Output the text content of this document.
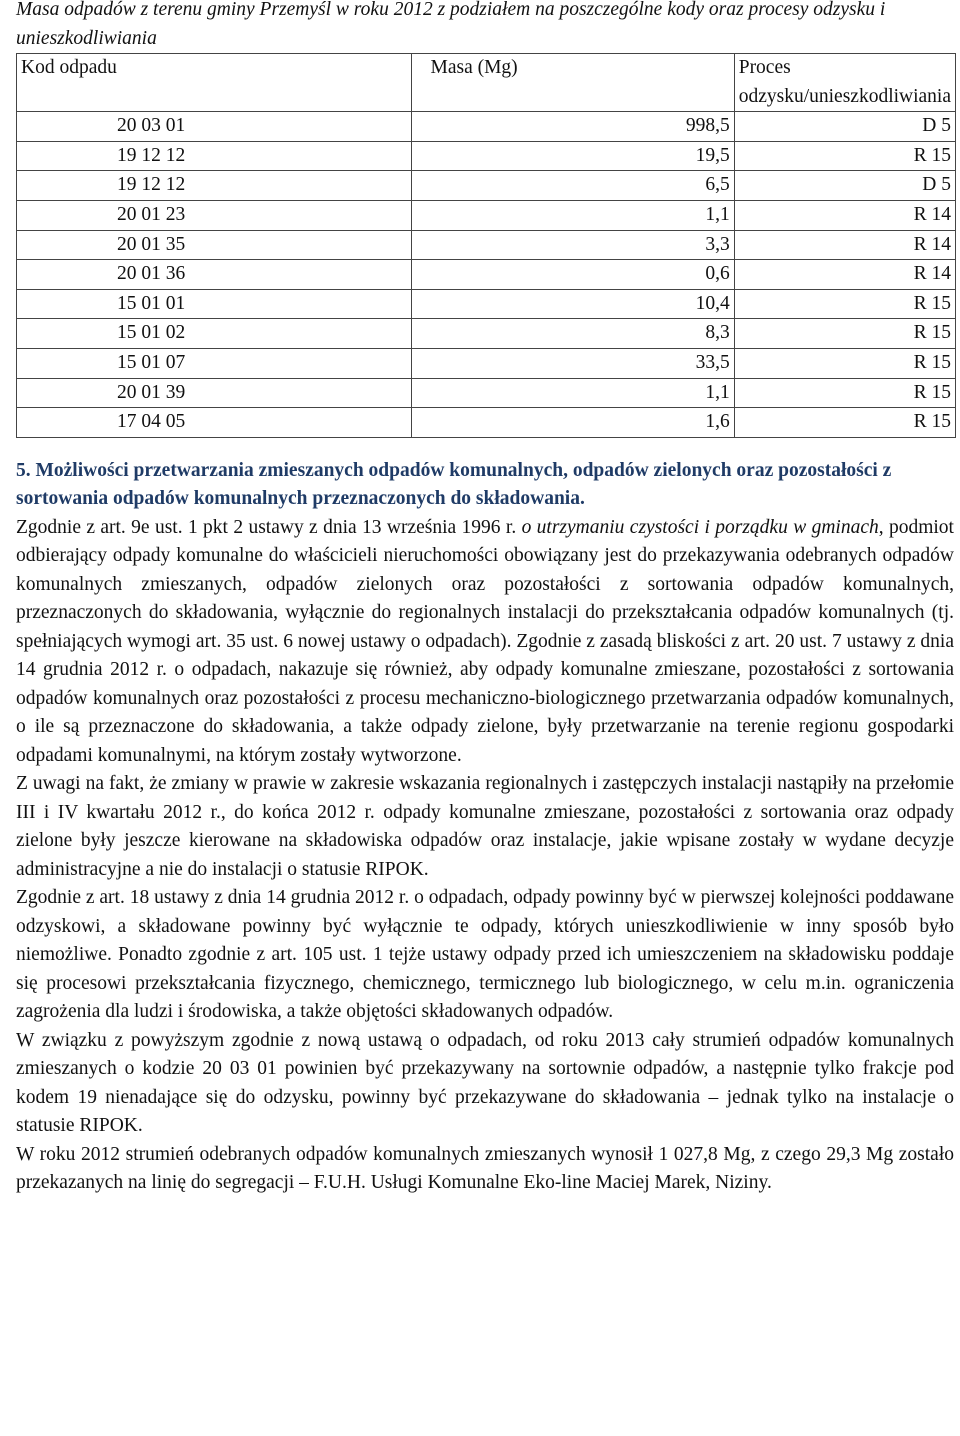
Masa odpadów z terenu gminy Przemyśl w roku 2012 z podziałem na poszczególne kody oraz procesy odzysku i unieszkodliwiania
Kod odpadu	Masa (Mg)	Proces odzysku/unieszkodliwiania
20 03 01	998,5	D 5
19 12 12	19,5	R 15
19 12 12	6,5	D 5
20 01 23	1,1	R 14
20 01 35	3,3	R 14
20 01 36	0,6	R 14
15 01 01	10,4	R 15
15 01 02	8,3	R 15
15 01 07	33,5	R 15
20 01 39	1,1	R 15
17 04 05	1,6	R 15
5. Możliwości przetwarzania zmieszanych odpadów komunalnych, odpadów zielonych oraz pozostałości z sortowania odpadów komunalnych przeznaczonych do składowania.

Zgodnie z art. 9e ust. 1 pkt 2 ustawy z dnia 13 września 1996 r. o utrzymaniu czystości i porządku w gminach, podmiot odbierający odpady komunalne do właścicieli nieruchomości obowiązany jest do przekazywania odebranych odpadów komunalnych zmieszanych, odpadów zielonych oraz pozostałości z sortowania odpadów komunalnych, przeznaczonych do składowania, wyłącznie do regionalnych instalacji do przekształcania odpadów komunalnych (tj. spełniających wymogi art. 35 ust. 6 nowej ustawy o odpadach). Zgodnie z zasadą bliskości z art. 20 ust. 7 ustawy z dnia 14 grudnia 2012 r. o odpadach, nakazuje się również, aby odpady komunalne zmieszane, pozostałości z sortowania odpadów komunalnych oraz pozostałości z procesu mechaniczno-biologicznego przetwarzania odpadów komunalnych, o ile są przeznaczone do składowania, a także odpady zielone, były przetwarzanie na terenie regionu gospodarki odpadami komunalnymi, na którym zostały wytworzone.

Z uwagi na fakt, że zmiany w prawie w zakresie wskazania regionalnych i zastępczych instalacji nastąpiły na przełomie III i IV kwartału 2012 r., do końca 2012 r. odpady komunalne zmieszane, pozostałości z sortowania oraz odpady zielone były jeszcze kierowane na składowiska odpadów oraz instalacje, jakie wpisane zostały w wydane decyzje administracyjne a nie do instalacji o statusie RIPOK.

Zgodnie z art. 18 ustawy z dnia 14 grudnia 2012 r. o odpadach, odpady powinny być w pierwszej kolejności poddawane odzyskowi, a składowane powinny być wyłącznie te odpady, których unieszkodliwienie w inny sposób było niemożliwe. Ponadto zgodnie z art. 105 ust. 1 tejże ustawy odpady przed ich umieszczeniem na składowisku poddaje się procesowi przekształcania fizycznego, chemicznego, termicznego lub biologicznego, w celu m.in. ograniczenia zagrożenia dla ludzi i środowiska, a także objętości składowanych odpadów.

W związku z powyższym zgodnie z nową ustawą o odpadach, od roku 2013 cały strumień odpadów komunalnych zmieszanych o kodzie 20 03 01 powinien być przekazywany na sortownie odpadów, a następnie tylko frakcje pod kodem 19 nienadające się do odzysku, powinny być przekazywane do składowania – jednak tylko na instalacje o statusie RIPOK.

W roku 2012 strumień odebranych odpadów komunalnych zmieszanych wynosił 1 027,8 Mg, z czego 29,3 Mg zostało przekazanych na linię do segregacji – F.U.H. Usługi Komunalne Eko-line Maciej Marek, Niziny.
